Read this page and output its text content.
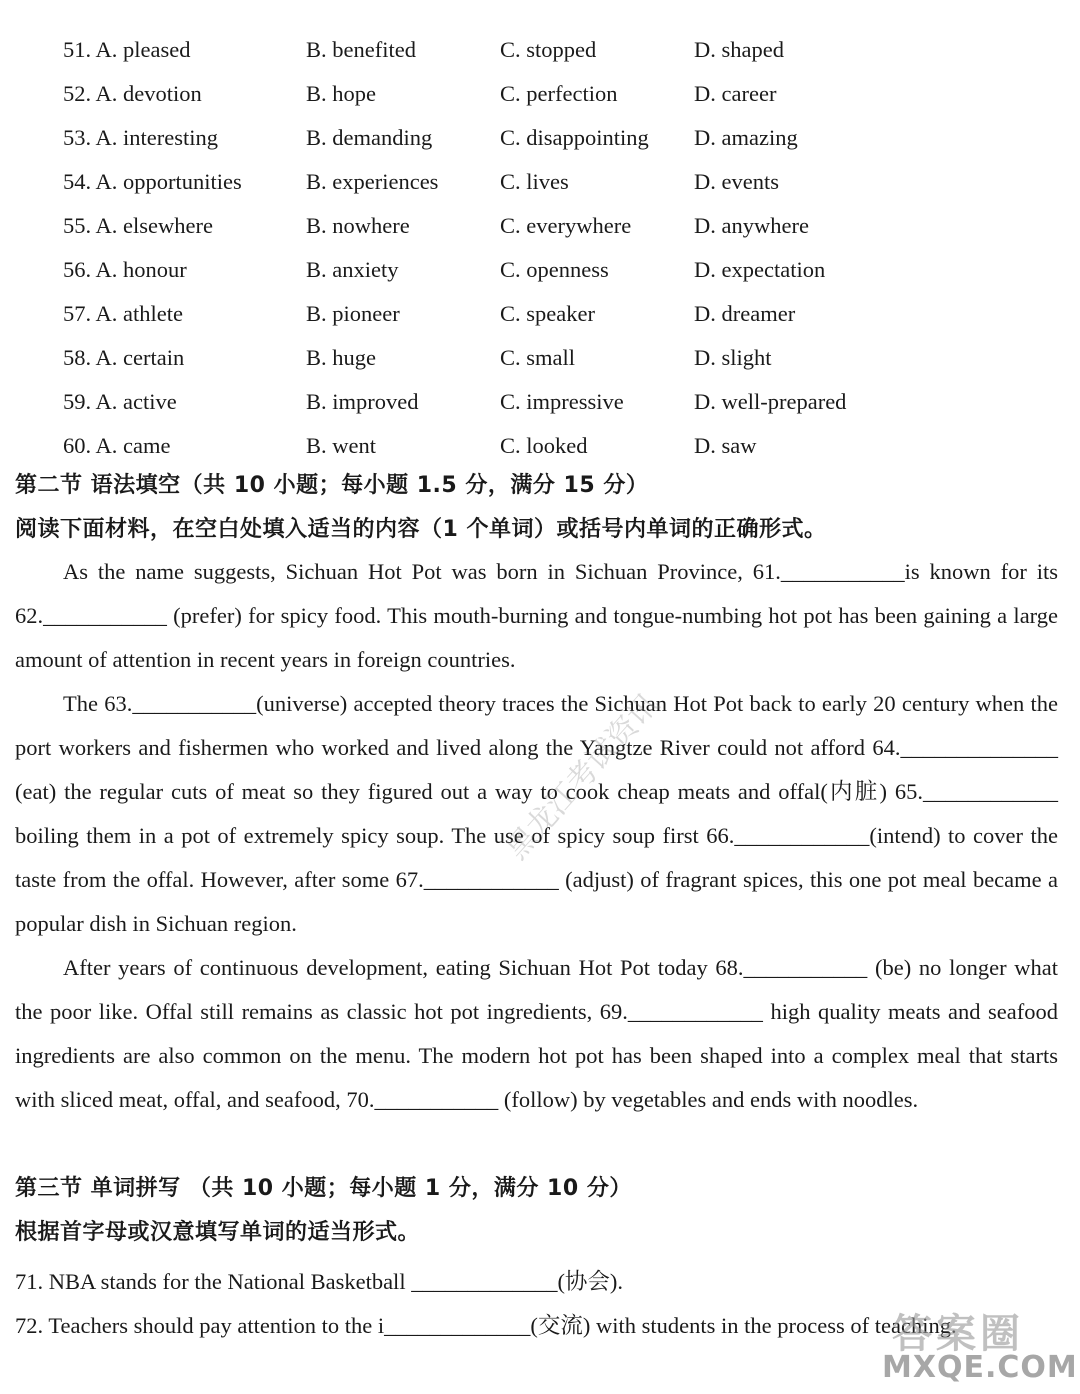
51. A. pleased	B. benefited	C. stopped	D. shaped
52. A. devotion	B. hope	C. perfection	D. career
53. A. interesting	B. demanding	C. disappointing D. amazing
54. A. opportunities	B. experiences	C. lives	D. events
55. A. elsewhere	B. nowhere	C. everywhere	D. anywhere
56. A. honour	B. anxiety	C. openness	D. expectation
57. A. athlete	B. pioneer	C. speaker	D. dreamer
58. A. certain	B. huge	C. small	D. slight
59. A. active	B. improved	C. impressive	D. well-prepared
60. A. came	B. went	C. looked	D. saw
第二节 语法填空（共 10 小题；每小题 1.5 分，满分 15 分）
阅读下面材料，在空白处填入适当的内容（1 个单词）或括号内单词的正确形式。

As the name suggests, Sichuan Hot Pot was born in Sichuan Province, 61.___________is known for its 62.___________ (prefer) for spicy food. This mouth-burning and tongue-numbing hot pot has been gaining a large amount of attention in recent years in foreign countries.

The 63.___________(universe) accepted theory traces the Sichuan Hot Pot back to early 20 century when the port workers and fishermen who worked and lived along the Yangtze River could not afford 64.______________ (eat) the regular cuts of meat so they figured out a way to cook cheap meats and offal(内脏) 65.____________ boiling them in a pot of extremely spicy soup. The use of spicy soup first 66.____________(intend) to cover the taste from the offal. However, after some 67.____________ (adjust) of fragrant spices, this one pot meal became a popular dish in Sichuan region.

After years of continuous development, eating Sichuan Hot Pot today 68.___________ (be) no longer what the poor like. Offal still remains as classic hot pot ingredients, 69.____________ high quality meats and seafood ingredients are also common on the menu. The modern hot pot has been shaped into a complex meal that starts with sliced meat, offal, and seafood, 70.___________ (follow) by vegetables and ends with noodles.

第三节 单词拼写 （共 10 小题；每小题 1 分，满分 10 分）
根据首字母或汉意填写单词的适当形式。
71. NBA stands for the National Basketball _____________(协会).
72. Teachers should pay attention to the i_____________(交流) with students in the process of teaching.
黑龙江考试资讯
答案圈
MXQE.COM
